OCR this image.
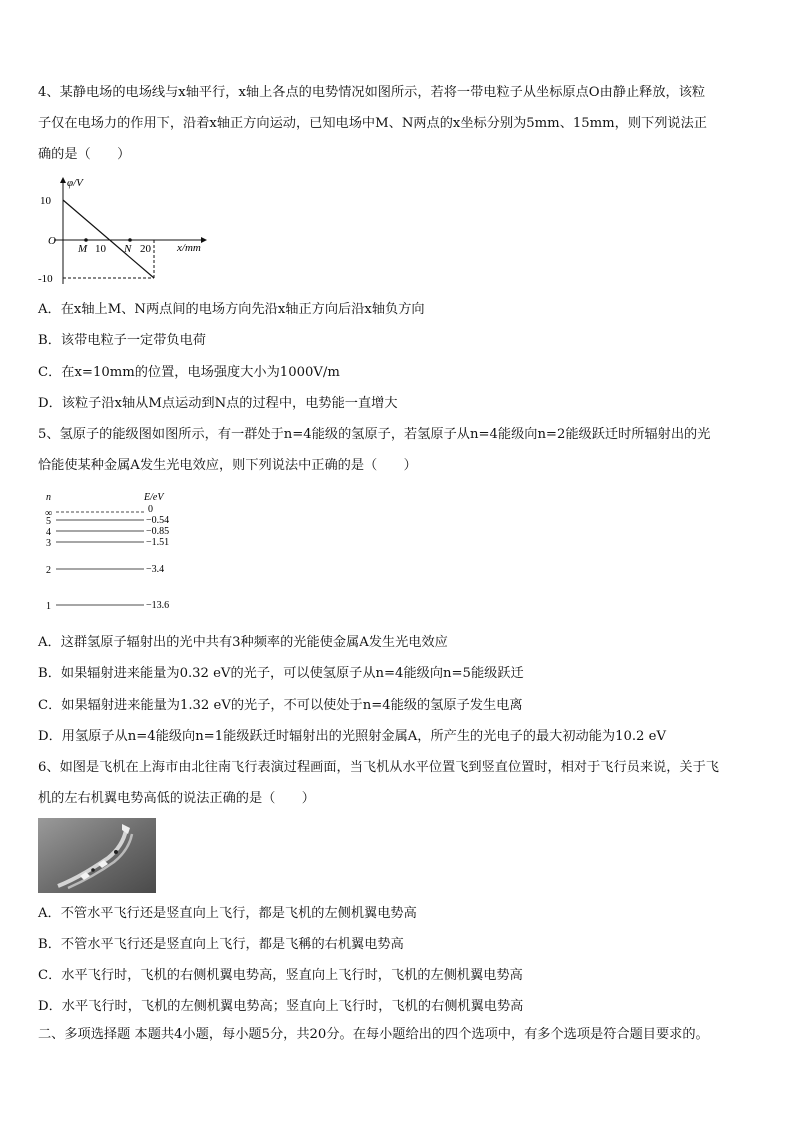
4、某静电场的电场线与x轴平行，x轴上各点的电势情况如图所示，若将一带电粒子从坐标原点O由静止释放，该粒
子仅在电场力的作用下，沿着x轴正方向运动，已知电场中M、N两点的x坐标分别为5mm、15mm，则下列说法正
确的是（　　）
φ/V
10
O
-10
M 10 N 20 x/mm
A．在x轴上M、N两点间的电场方向先沿x轴正方向后沿x轴负方向
B．该带电粒子一定带负电荷
C．在x=10mm的位置，电场强度大小为1000V/m
D．该粒子沿x轴从M点运动到N点的过程中，电势能一直增大
5、氢原子的能级图如图所示，有一群处于n=4能级的氢原子，若氢原子从n=4能级向n=2能级跃迁时所辐射出的光
恰能使某种金属A发生光电效应，则下列说法中正确的是（　　）
n	E/eV
∞	0
5	−0.54
4	−0.85
3	−1.51
2	−3.4
1	−13.6
A．这群氢原子辐射出的光中共有3种频率的光能使金属A发生光电效应
B．如果辐射进来能量为0.32 eV的光子，可以使氢原子从n=4能级向n=5能级跃迁
C．如果辐射进来能量为1.32 eV的光子，不可以使处于n=4能级的氢原子发生电离
D．用氢原子从n=4能级向n=1能级跃迁时辐射出的光照射金属A，所产生的光电子的最大初动能为10.2 eV
6、如图是飞机在上海市由北往南飞行表演过程画面，当飞机从水平位置飞到竖直位置时，相对于飞行员来说，关于飞
机的左右机翼电势高低的说法正确的是（　　）
A．不管水平飞行还是竖直向上飞行，都是飞机的左侧机翼电势高
B．不管水平飞行还是竖直向上飞行，都是飞稱的右机翼电势高
C．水平飞行时，飞机的右侧机翼电势高，竖直向上飞行时，飞机的左侧机翼电势高
D．水平飞行时，飞机的左侧机翼电势高；竖直向上飞行时，飞机的右侧机翼电势高
二、多项选择题 本题共4小题，每小题5分，共20分。在每小题给出的四个选项中，有多个选项是符合题目要求的。
